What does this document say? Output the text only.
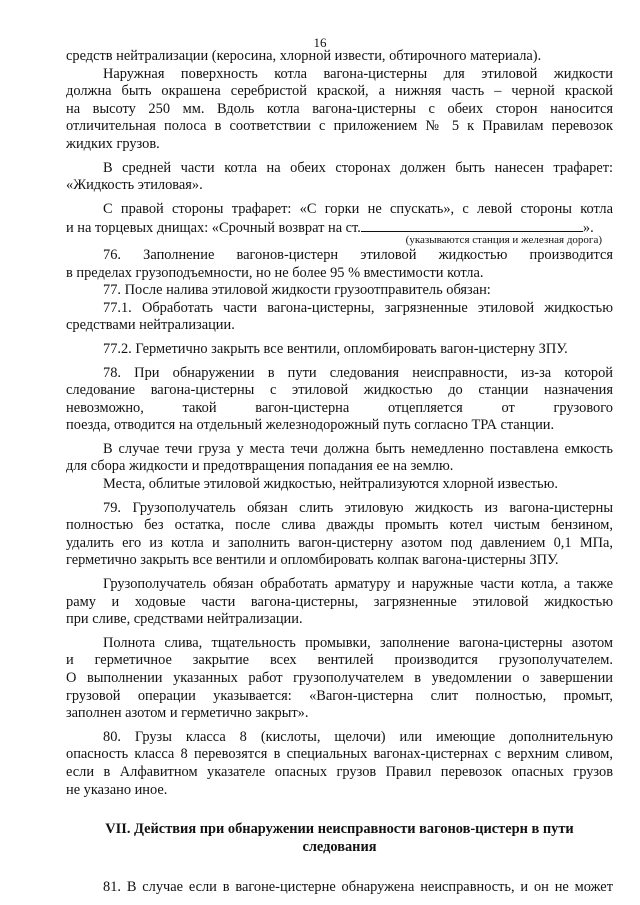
16
средств нейтрализации (керосина, хлорной извести, обтирочного материала).
Наружная поверхность котла вагона-цистерны для этиловой жидкости
должна быть окрашена серебристой краской, а нижняя часть – черной краской
на высоту 250 мм. Вдоль котла вагона-цистерны с обеих сторон наносится
отличительная полоса в соответствии с приложением № 5 к Правилам перевозок
жидких грузов.
В средней части котла на обеих сторонах должен быть нанесен трафарет:
«Жидкость этиловая».
С правой стороны трафарет: «С горки не спускать», с левой стороны котла
и на торцевых днищах: «Срочный возврат на ст.	».
(указываются станция и железная дорога)
76. Заполнение вагонов-цистерн этиловой жидкостью производится
в пределах грузоподъемности, но не более 95 % вместимости котла.
77. После налива этиловой жидкости грузоотправитель обязан:
77.1. Обработать части вагона-цистерны, загрязненные этиловой жидкостью
средствами нейтрализации.
77.2. Герметично закрыть все вентили, опломбировать вагон-цистерну ЗПУ.
78. При обнаружении в пути следования неисправности, из-за которой
следование вагона-цистерны с этиловой жидкостью до станции назначения
невозможно, такой вагон-цистерна отцепляется от грузового
поезда, отводится на отдельный железнодорожный путь согласно ТРА станции.
В случае течи груза у места течи должна быть немедленно поставлена емкость
для сбора жидкости и предотвращения попадания ее на землю.
Места, облитые этиловой жидкостью, нейтрализуются хлорной известью.
79. Грузополучатель обязан слить этиловую жидкость из вагона-цистерны
полностью без остатка, после слива дважды промыть котел чистым бензином,
удалить его из котла и заполнить вагон-цистерну азотом под давлением 0,1 МПа,
герметично закрыть все вентили и опломбировать колпак вагона-цистерны ЗПУ.
Грузополучатель обязан обработать арматуру и наружные части котла, а также
раму и ходовые части вагона-цистерны, загрязненные этиловой жидкостью
при сливе, средствами нейтрализации.
Полнота слива, тщательность промывки, заполнение вагона-цистерны азотом
и герметичное закрытие всех вентилей производится грузополучателем.
О выполнении указанных работ грузополучателем в уведомлении о завершении
грузовой операции указывается: «Вагон-цистерна слит полностью, промыт,
заполнен азотом и герметично закрыт».
80. Грузы класса 8 (кислоты, щелочи) или имеющие дополнительную
опасность класса 8 перевозятся в специальных вагонах-цистернах с верхним сливом,
если в Алфавитном указателе опасных грузов Правил перевозок опасных грузов
не указано иное.
VII. Действия при обнаружении неисправности вагонов-цистерн в пути
следования
81. В случае если в вагоне-цистерне обнаружена неисправность, и он не может
